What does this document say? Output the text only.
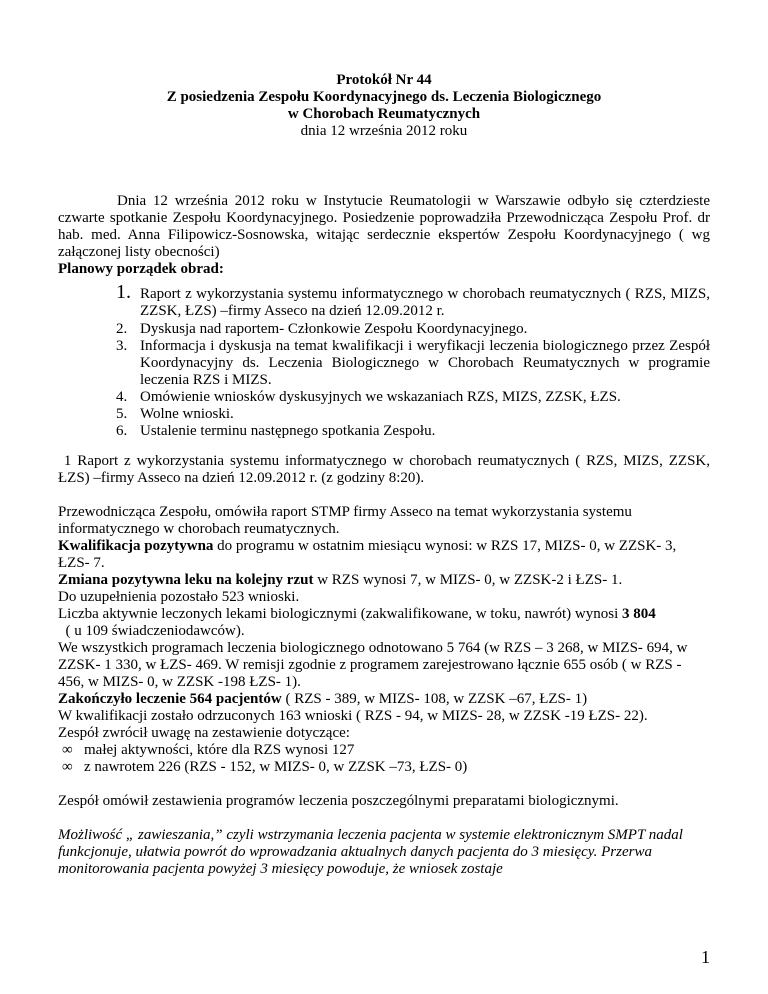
Protokół Nr 44
Z posiedzenia Zespołu Koordynacyjnego ds. Leczenia Biologicznego
w Chorobach Reumatycznych
dnia 12 września 2012 roku
Dnia 12 września 2012 roku w Instytucie Reumatologii w Warszawie odbyło się czterdzieste czwarte spotkanie Zespołu Koordynacyjnego. Posiedzenie poprowadziła Przewodnicząca Zespołu Prof. dr hab. med. Anna Filipowicz-Sosnowska, witając serdecznie ekspertów Zespołu Koordynacyjnego ( wg załączonej listy obecności)
Planowy porządek obrad:
1. Raport z wykorzystania systemu informatycznego w chorobach reumatycznych ( RZS, MIZS, ZZSK, ŁZS) –firmy Asseco na dzień 12.09.2012 r.
2. Dyskusja nad raportem- Członkowie Zespołu Koordynacyjnego.
3. Informacja i dyskusja na temat kwalifikacji i weryfikacji leczenia biologicznego przez Zespół Koordynacyjny ds. Leczenia Biologicznego w Chorobach Reumatycznych w programie leczenia RZS i MIZS.
4. Omówienie wniosków dyskusyjnych we wskazaniach RZS, MIZS, ZZSK, ŁZS.
5. Wolne wnioski.
6. Ustalenie terminu następnego spotkania Zespołu.
1 Raport z wykorzystania systemu informatycznego w chorobach reumatycznych ( RZS, MIZS, ZZSK, ŁZS) –firmy Asseco na dzień 12.09.2012 r. (z godziny 8:20).
Przewodnicząca Zespołu, omówiła raport STMP firmy Asseco na temat wykorzystania systemu informatycznego w chorobach reumatycznych.
Kwalifikacja pozytywna do programu w ostatnim miesiącu wynosi: w RZS 17, MIZS- 0, w ZZSK- 3, ŁZS- 7.
Zmiana pozytywna leku na kolejny rzut w RZS wynosi 7, w MIZS- 0, w ZZSK-2 i ŁZS- 1.
Do uzupełnienia pozostało 523 wnioski.
Liczba aktywnie leczonych lekami biologicznymi (zakwalifikowane, w toku, nawrót) wynosi 3 804  ( u 109 świadczeniodawców).
We wszystkich programach leczenia biologicznego odnotowano 5 764 (w RZS – 3 268, w MIZS- 694, w ZZSK- 1 330, w ŁZS- 469. W remisji zgodnie z programem zarejestrowano łącznie 655 osób ( w RZS - 456, w MIZS- 0, w ZZSK -198 ŁZS- 1).
Zakończyło leczenie 564 pacjentów ( RZS - 389, w MIZS- 108, w ZZSK –67, ŁZS- 1)
W kwalifikacji zostało odrzuconych 163 wnioski ( RZS - 94, w MIZS- 28, w ZZSK -19 ŁZS- 22).
Zespół zwrócił uwagę na zestawienie dotyczące:
∞ małej aktywności, które dla RZS wynosi 127
∞ z nawrotem 226 (RZS - 152, w MIZS- 0, w ZZSK –73, ŁZS- 0)
Zespół omówił zestawienia programów leczenia poszczególnymi preparatami biologicznymi.
Możliwość „ zawieszania,” czyli wstrzymania leczenia pacjenta w systemie elektronicznym SMPT nadal funkcjonuje, ułatwia powrót do wprowadzania aktualnych danych pacjenta do 3 miesięcy. Przerwa monitorowania pacjenta powyżej 3 miesięcy powoduje, że wniosek zostaje
1
